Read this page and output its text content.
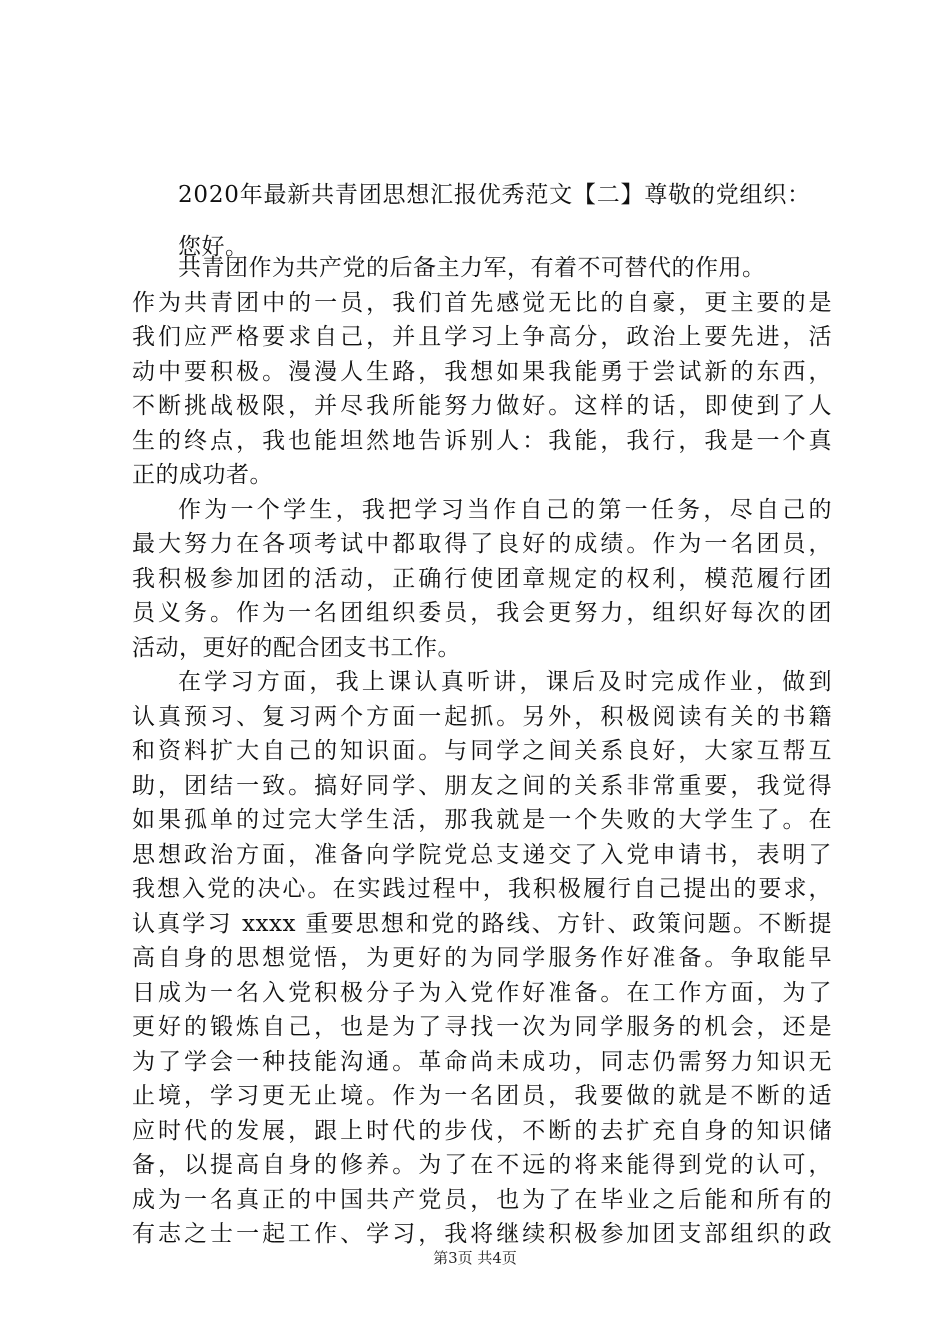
2020年最新共青团思想汇报优秀范文【二】尊敬的党组织：
您好。
共青团作为共产党的后备主力军，有着不可替代的作用。
作为共青团中的一员，我们首先感觉无比的自豪，更主要的是
我们应严格要求自己，并且学习上争高分，政治上要先进，活
动中要积极。漫漫人生路，我想如果我能勇于尝试新的东西，
不断挑战极限，并尽我所能努力做好。这样的话，即使到了人
生的终点，我也能坦然地告诉别人：我能，我行，我是一个真
正的成功者。
作为一个学生，我把学习当作自己的第一任务，尽自己的
最大努力在各项考试中都取得了良好的成绩。作为一名团员，
我积极参加团的活动，正确行使团章规定的权利，模范履行团
员义务。作为一名团组织委员，我会更努力，组织好每次的团
活动，更好的配合团支书工作。
在学习方面，我上课认真听讲，课后及时完成作业，做到
认真预习、复习两个方面一起抓。另外，积极阅读有关的书籍
和资料扩大自己的知识面。与同学之间关系良好，大家互帮互
助，团结一致。搞好同学、朋友之间的关系非常重要，我觉得
如果孤单的过完大学生活，那我就是一个失败的大学生了。在
思想政治方面，准备向学院党总支递交了入党申请书，表明了
我想入党的决心。在实践过程中，我积极履行自己提出的要求，
认真学习 xxxx 重要思想和党的路线、方针、政策问题。不断提
高自身的思想觉悟，为更好的为同学服务作好准备。争取能早
日成为一名入党积极分子为入党作好准备。在工作方面，为了
更好的锻炼自己，也是为了寻找一次为同学服务的机会，还是
为了学会一种技能沟通。革命尚未成功，同志仍需努力知识无
止境，学习更无止境。作为一名团员，我要做的就是不断的适
应时代的发展，跟上时代的步伐，不断的去扩充自身的知识储
备，以提高自身的修养。为了在不远的将来能得到党的认可，
成为一名真正的中国共产党员，也为了在毕业之后能和所有的
有志之士一起工作、学习，我将继续积极参加团支部组织的政
第3页 共4页
